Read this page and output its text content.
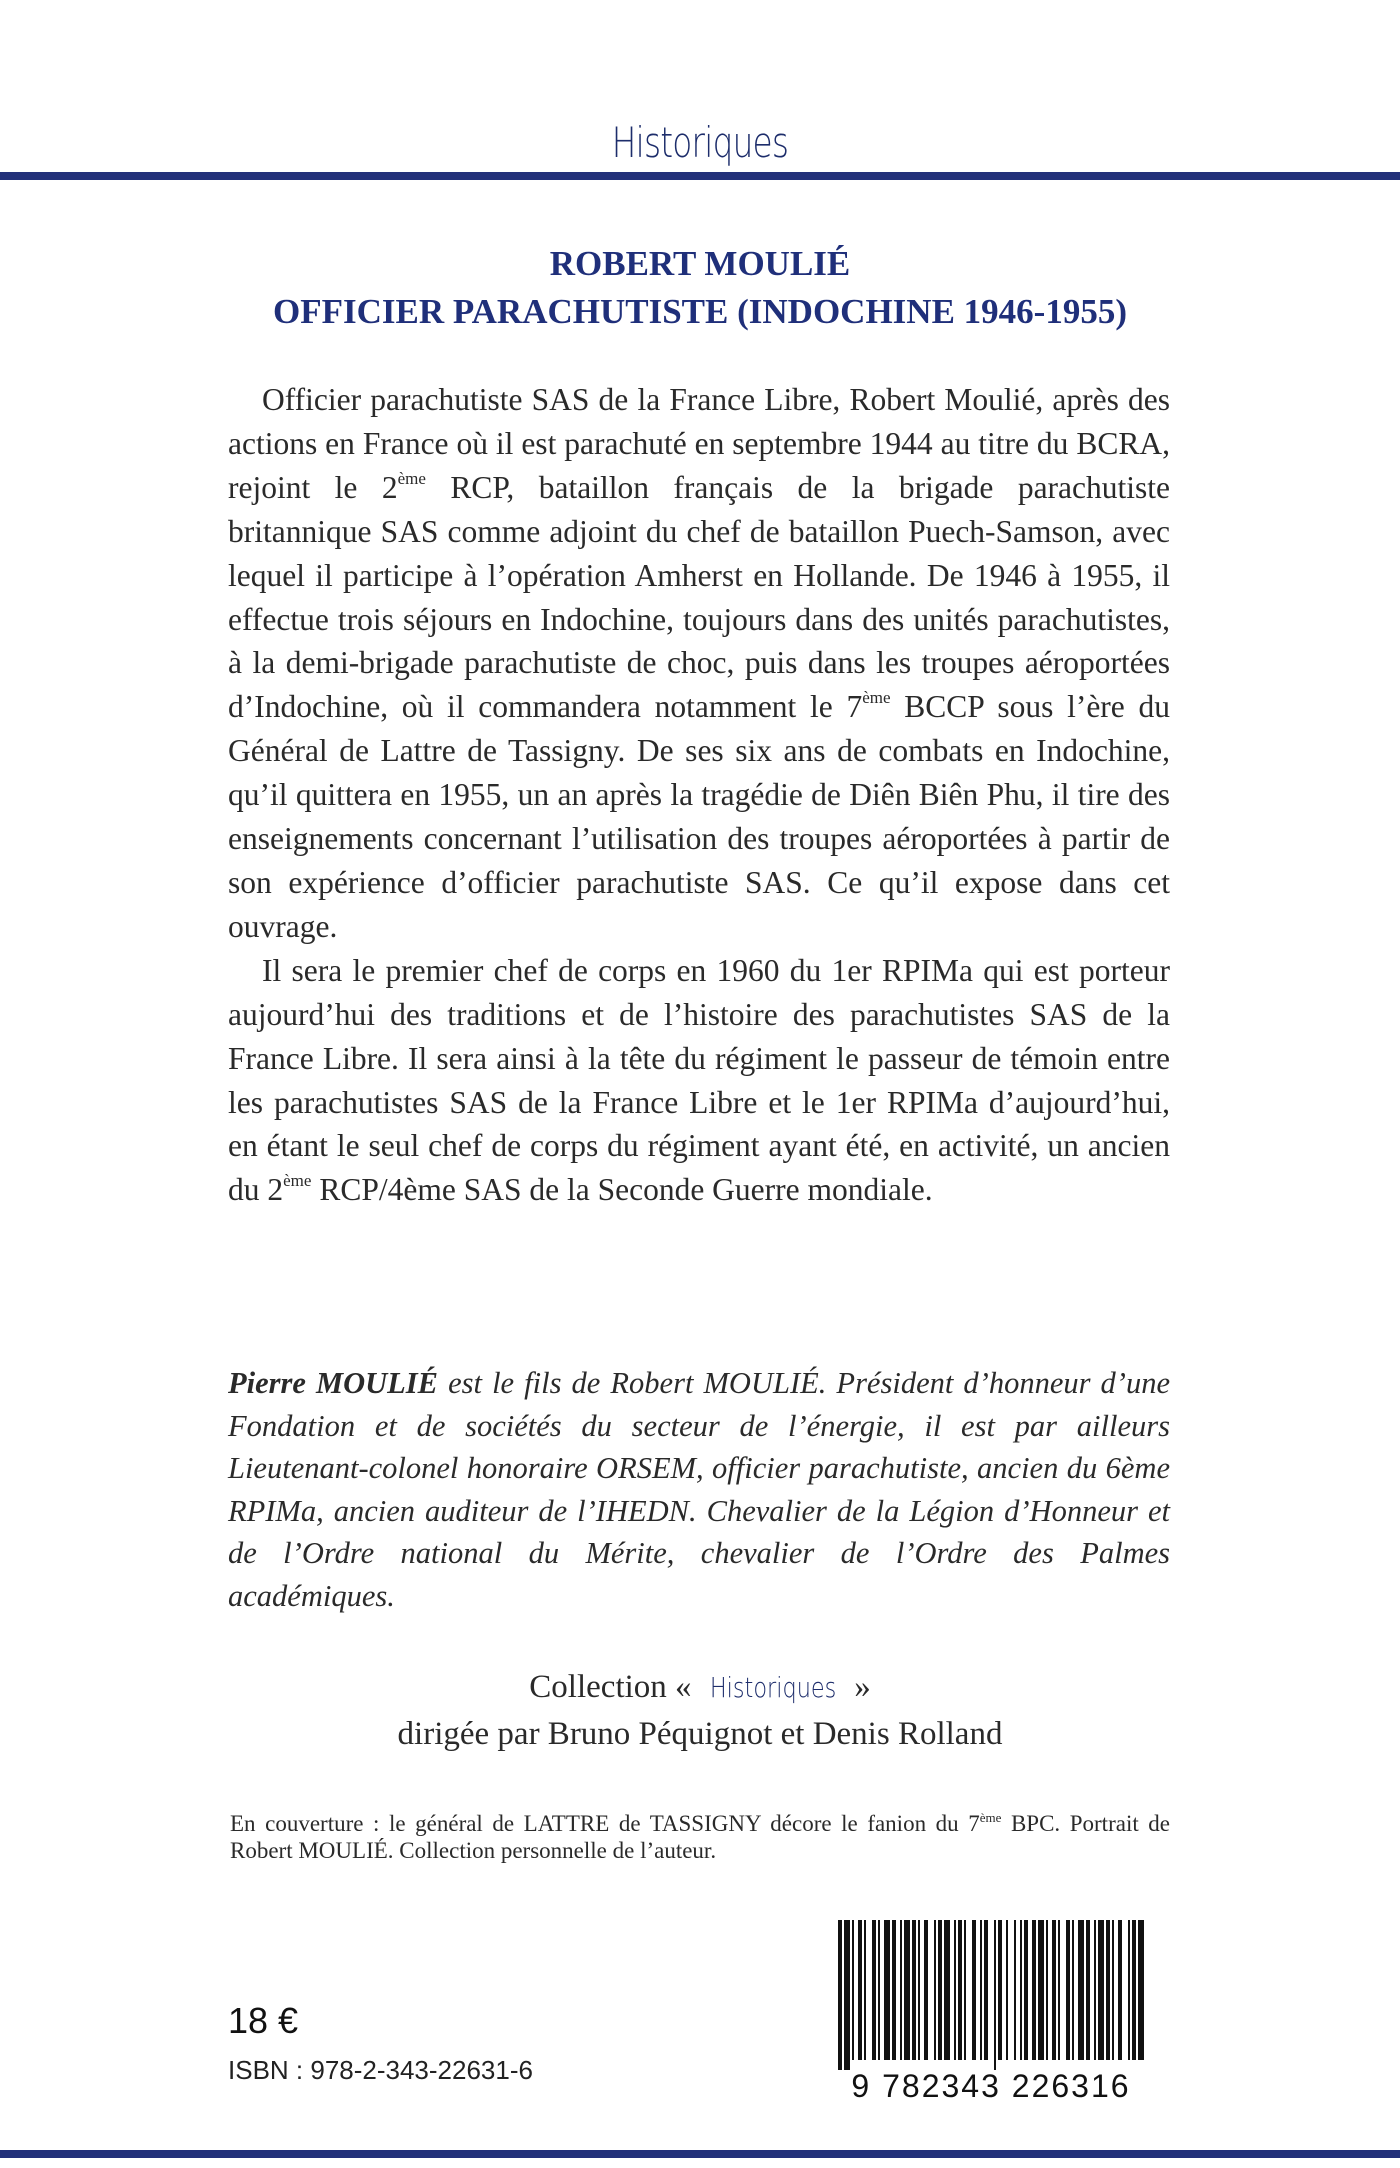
Historiques
ROBERT MOULIÉ
OFFICIER PARACHUTISTE (INDOCHINE 1946-1955)

Officier parachutiste SAS de la France Libre, Robert Moulié, après des actions en France où il est parachuté en septembre 1944 au titre du BCRA, rejoint le 2ème RCP, bataillon français de la brigade parachutiste britannique SAS comme adjoint du chef de bataillon Puech-Samson, avec lequel il participe à l’opération Amherst en Hollande. De 1946 à 1955, il effectue trois séjours en Indochine, toujours dans des unités parachutistes, à la demi-brigade parachutiste de choc, puis dans les troupes aéroportées d’Indochine, où il commandera notamment le 7ème BCCP sous l’ère du Général de Lattre de Tassigny. De ses six ans de combats en Indochine, qu’il quittera en 1955, un an après la tragédie de Diên Biên Phu, il tire des enseignements concernant l’utilisation des troupes aéroportées à partir de son expérience d’officier parachutiste SAS. Ce qu’il expose dans cet ouvrage.

Il sera le premier chef de corps en 1960 du 1er RPIMa qui est porteur aujourd’hui des traditions et de l’histoire des parachutistes SAS de la France Libre. Il sera ainsi à la tête du régiment le passeur de témoin entre les parachutistes SAS de la France Libre et le 1er RPIMa d’aujourd’hui, en étant le seul chef de corps du régiment ayant été, en activité, un ancien du 2ème RCP/4ème SAS de la Seconde Guerre mondiale.

Pierre MOULIÉ est le fils de Robert MOULIÉ. Président d’honneur d’une Fondation et de sociétés du secteur de l’énergie, il est par ailleurs Lieutenant-colonel honoraire ORSEM, officier parachutiste, ancien du 6ème RPIMa, ancien auditeur de l’IHEDN. Chevalier de la Légion d’Honneur et de l’Ordre national du Mérite, chevalier de l’Ordre des Palmes académiques.
Collection « Historiques »
dirigée par Bruno Péquignot et Denis Rolland
En couverture : le général de LATTRE de TASSIGNY décore le fanion du 7ème BPC. Portrait de Robert MOULIÉ. Collection personnelle de l’auteur.
18 €
ISBN : 978-2-343-22631-6	9 782343 226316
